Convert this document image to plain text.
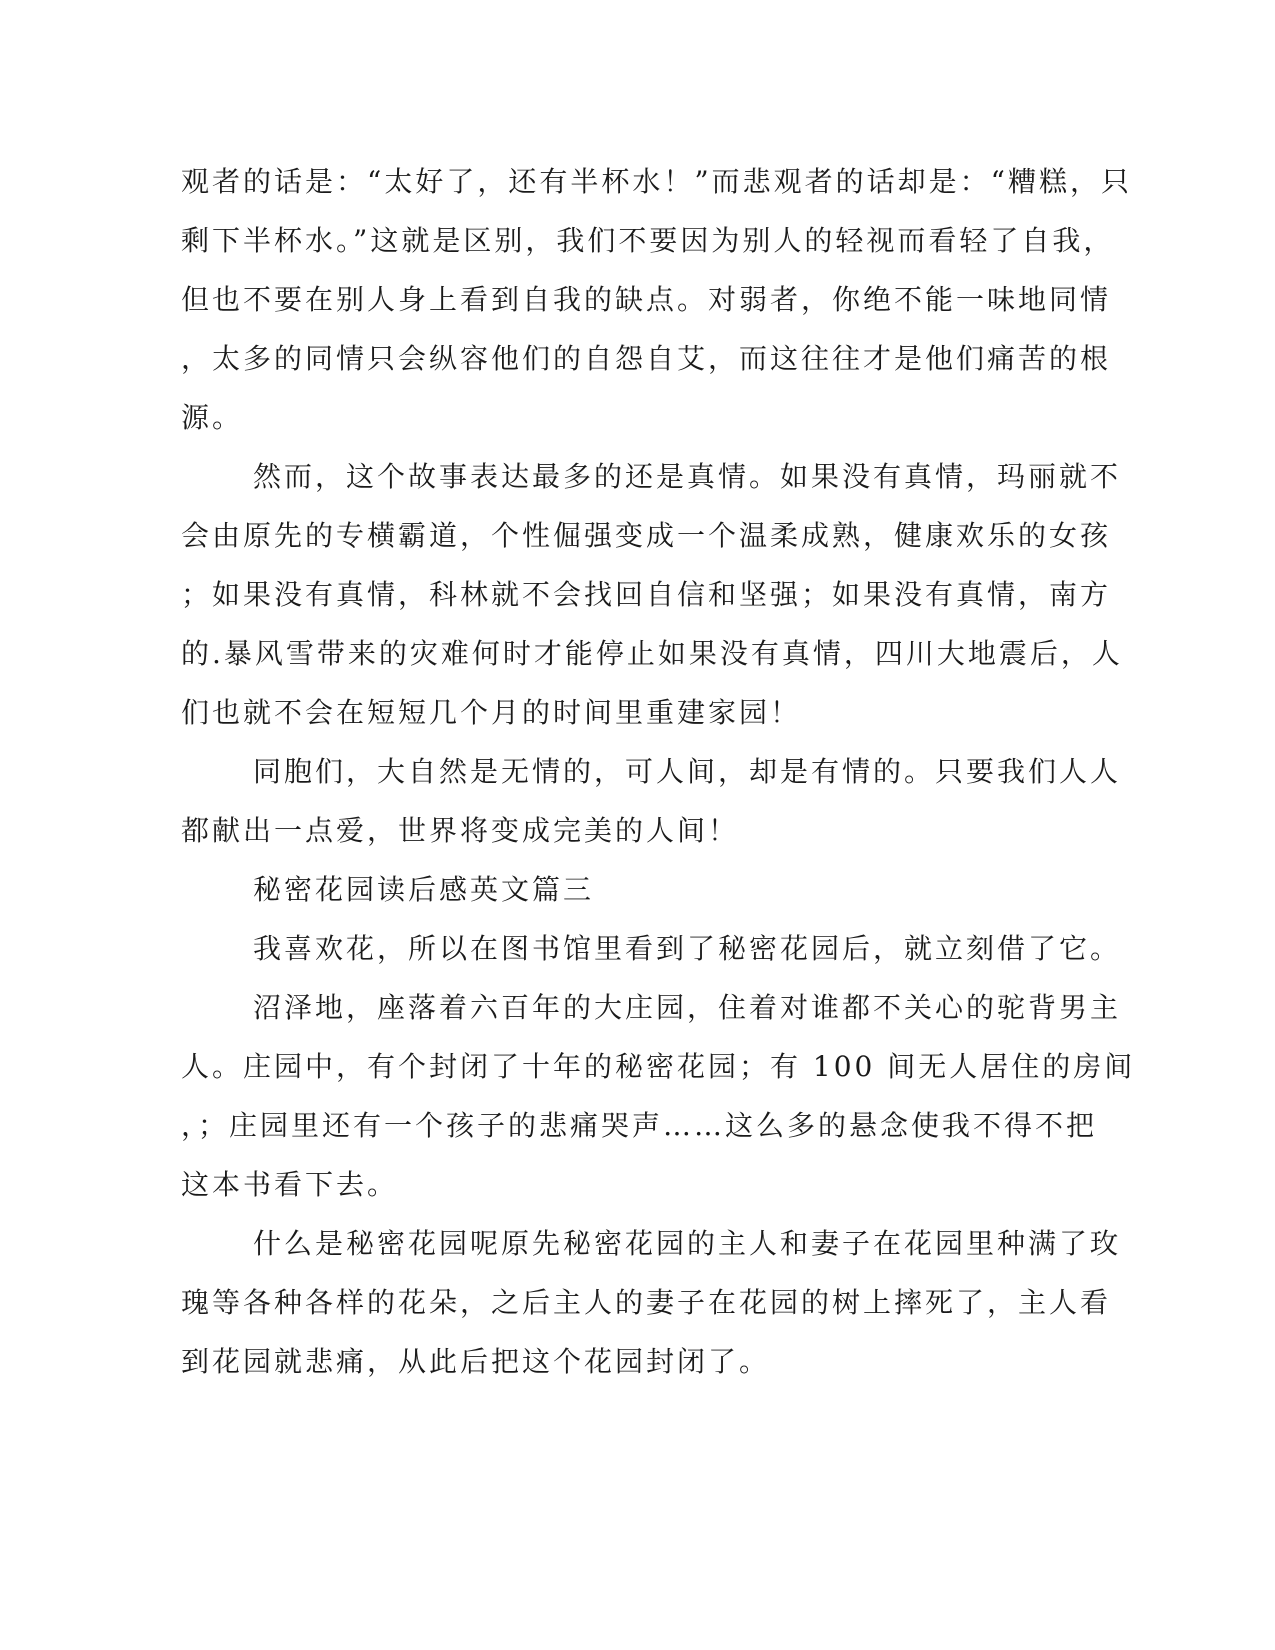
观者的话是：“太好了，还有半杯水！”而悲观者的话却是：“糟糕，只
剩下半杯水。”这就是区别，我们不要因为别人的轻视而看轻了自我，
但也不要在别人身上看到自我的缺点。对弱者，你绝不能一味地同情
，太多的同情只会纵容他们的自怨自艾，而这往往才是他们痛苦的根
源。
然而，这个故事表达最多的还是真情。如果没有真情，玛丽就不
会由原先的专横霸道，个性倔强变成一个温柔成熟，健康欢乐的女孩
；如果没有真情，科林就不会找回自信和坚强；如果没有真情，南方
的.暴风雪带来的灾难何时才能停止如果没有真情，四川大地震后，人
们也就不会在短短几个月的时间里重建家园！
同胞们，大自然是无情的，可人间，却是有情的。只要我们人人
都献出一点爱，世界将变成完美的人间！
秘密花园读后感英文篇三
我喜欢花，所以在图书馆里看到了秘密花园后，就立刻借了它。
沼泽地，座落着六百年的大庄园，住着对谁都不关心的驼背男主
人。庄园中，有个封闭了十年的秘密花园；有 100 间无人居住的房间
，；庄园里还有一个孩子的悲痛哭声……这么多的悬念使我不得不把
这本书看下去。
什么是秘密花园呢原先秘密花园的主人和妻子在花园里种满了玫
瑰等各种各样的花朵，之后主人的妻子在花园的树上摔死了，主人看
到花园就悲痛，从此后把这个花园封闭了。
